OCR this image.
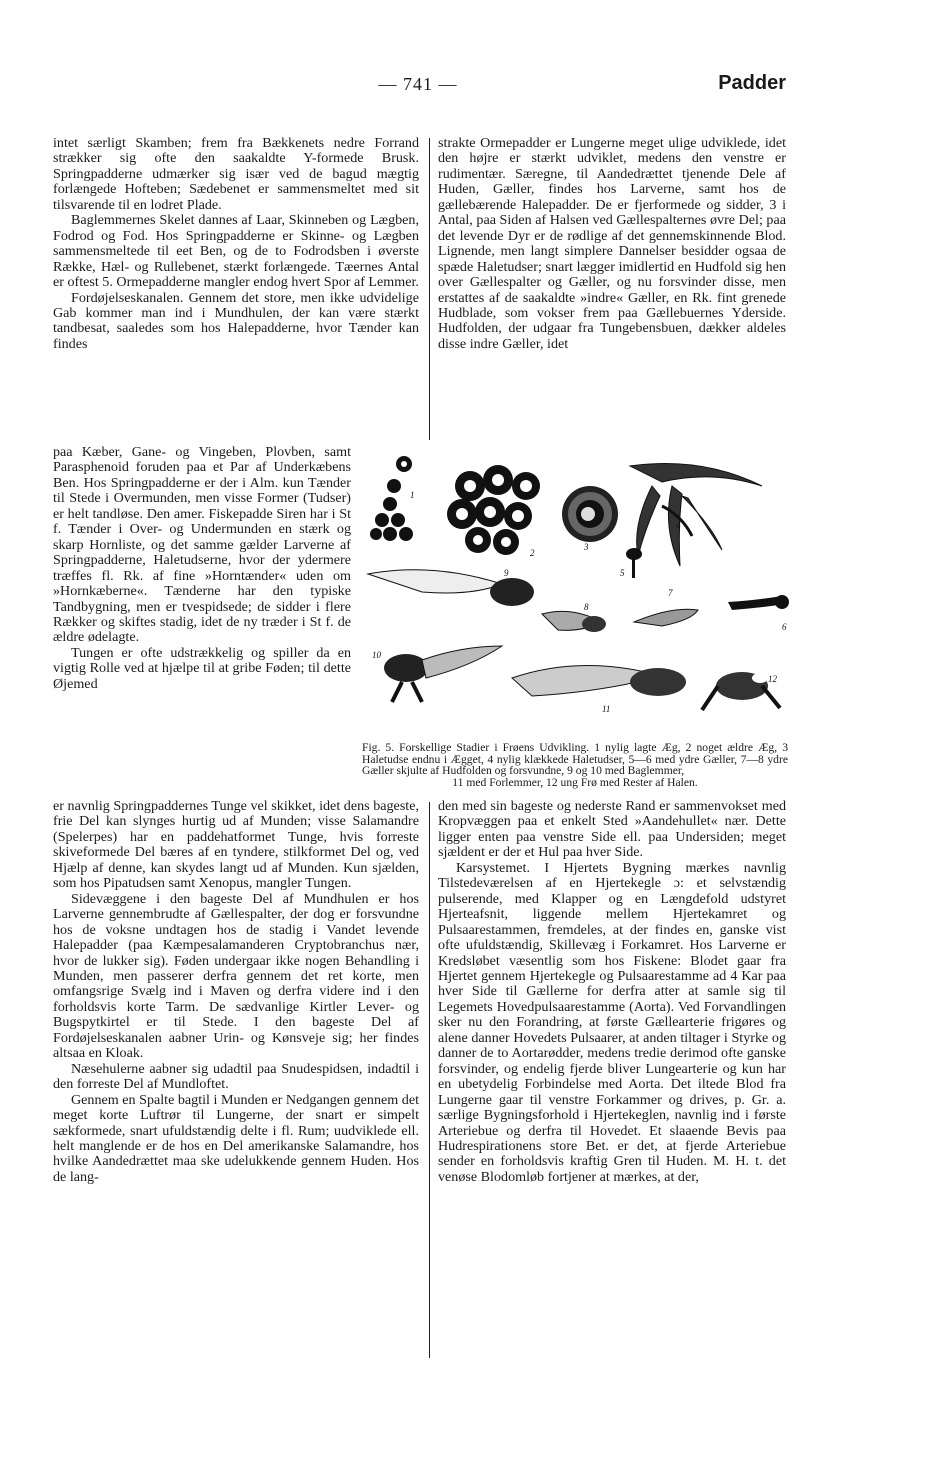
— 741 —	Padder

intet særligt Skamben; frem fra Bækkenets nedre Forrand strækker sig ofte den saakaldte Y-formede Brusk. Springpadderne udmærker sig især ved de bagud mægtig forlængede Hofteben; Sædebenet er sammensmeltet med sit tilsvarende til en lodret Plade.

Baglemmernes Skelet dannes af Laar, Skinneben og Lægben, Fodrod og Fod. Hos Springpadderne er Skinne- og Lægben sammensmeltede til eet Ben, og de to Fodrodsben i øverste Række, Hæl- og Rullebenet, stærkt forlængede. Tæernes Antal er oftest 5. Ormepadderne mangler endog hvert Spor af Lemmer.

Fordøjelseskanalen. Gennem det store, men ikke udvidelige Gab kommer man ind i Mundhulen, der kan være stærkt tandbesat, saaledes som hos Halepadderne, hvor Tænder kan findes

paa Kæber, Gane- og Vingeben, Plovben, samt Parasphenoid foruden paa et Par af Underkæbens Ben. Hos Springpadderne er der i Alm. kun Tænder til Stede i Overmunden, men visse Former (Tudser) er helt tandløse. Den amer. Fiskepadde Siren har i St f. Tænder i Over- og Undermunden en stærk og skarp Hornliste, og det samme gælder Larverne af Springpadderne, Haletudserne, hvor der ydermere træffes fl. Rk. af fine »Horntænder« uden om »Hornkæberne«. Tænderne har den typiske Tandbygning, men er tvespidsede; de sidder i flere Rækker og skiftes stadig, idet de ny træder i St f. de ældre ødelagte.

Tungen er ofte udstrækkelig og spiller da en vigtig Rolle ved at hjælpe til at gribe Føden; til dette Øjemed

er navnlig Springpaddernes Tunge vel skikket, idet dens bageste, frie Del kan slynges hurtig ud af Munden; visse Salamandre (Spelerpes) har en paddehatformet Tunge, hvis forreste skiveformede Del bæres af en tyndere, stilkformet Del og, ved Hjælp af denne, kan skydes langt ud af Munden. Kun sjælden, som hos Pipatudsen samt Xenopus, mangler Tungen.

Sidevæggene i den bageste Del af Mundhulen er hos Larverne gennembrudte af Gællespalter, der dog er forsvundne hos de voksne undtagen hos de stadig i Vandet levende Halepadder (paa Kæmpesalamanderen Cryptobranchus nær, hvor de lukker sig). Føden undergaar ikke nogen Behandling i Munden, men passerer derfra gennem det ret korte, men omfangsrige Svælg ind i Maven og derfra videre ind i den forholdsvis korte Tarm. De sædvanlige Kirtler Lever- og Bugspytkirtel er til Stede. I den bageste Del af Fordøjelseskanalen aabner Urin- og Kønsveje sig; her findes altsaa en Kloak.

Næsehulerne aabner sig udadtil paa Snudespidsen, indadtil i den forreste Del af Mundloftet.

Gennem en Spalte bagtil i Munden er Nedgangen gennem det meget korte Luftrør til Lungerne, der snart er simpelt sækformede, snart ufuldstændig delte i fl. Rum; uudviklede ell. helt manglende er de hos en Del amerikanske Salamandre, hos hvilke Aandedrættet maa ske udelukkende gennem Huden. Hos de lang-

strakte Ormepadder er Lungerne meget ulige udviklede, idet den højre er stærkt udviklet, medens den venstre er rudimentær. Særegne, til Aandedrættet tjenende Dele af Huden, Gæller, findes hos Larverne, samt hos de gællebærende Halepadder. De er fjerformede og sidder, 3 i Antal, paa Siden af Halsen ved Gællespalternes øvre Del; paa det levende Dyr er de rødlige af det gennemskinnende Blod. Lignende, men langt simplere Dannelser besidder ogsaa de spæde Haletudser; snart lægger imidlertid en Hudfold sig hen over Gællespalter og Gæller, og nu forsvinder disse, men erstattes af de saakaldte »indre« Gæller, en Rk. fint grenede Hudblade, som vokser frem paa Gællebuernes Yderside. Hudfolden, der udgaar fra Tungebensbuen, dækker aldeles disse indre Gæller, idet

1
2
3
4
5
6
7
8
9
10
11
12
Fig. 5. Forskellige Stadier i Frøens Udvikling. 1 nylig lagte Æg, 2 noget ældre Æg, 3 Haletudse endnu i Ægget, 4 nylig klækkede Haletudser, 5—6 med ydre Gæller, 7—8 ydre Gæller skjulte af Hudfolden og forsvundne, 9 og 10 med Baglemmer,
11 med Forlemmer, 12 ung Frø med Rester af Halen.

den med sin bageste og nederste Rand er sammenvokset med Kropvæggen paa et enkelt Sted »Aandehullet« nær. Dette ligger enten paa venstre Side ell. paa Undersiden; meget sjældent er der et Hul paa hver Side.

Karsystemet. I Hjertets Bygning mærkes navnlig Tilstedeværelsen af en Hjertekegle ɔ: et selvstændig pulserende, med Klapper og en Længdefold udstyret Hjerteafsnit, liggende mellem Hjertekamret og Pulsaarestammen, fremdeles, at der findes en, ganske vist ofte ufuldstændig, Skillevæg i Forkamret. Hos Larverne er Kredsløbet væsentlig som hos Fiskene: Blodet gaar fra Hjertet gennem Hjertekegle og Pulsaarestamme ad 4 Kar paa hver Side til Gællerne for derfra atter at samle sig til Legemets Hovedpulsaarestamme (Aorta). Ved Forvandlingen sker nu den Forandring, at første Gællearterie frigøres og alene danner Hovedets Pulsaarer, at anden tiltager i Styrke og danner de to Aortarødder, medens tredie derimod ofte ganske forsvinder, og endelig fjerde bliver Lungearterie og kun har en ubetydelig Forbindelse med Aorta. Det iltede Blod fra Lungerne gaar til venstre Forkammer og drives, p. Gr. a. særlige Bygningsforhold i Hjertekeglen, navnlig ind i første Arteriebue og derfra til Hovedet. Et slaaende Bevis paa Hudrespirationens store Bet. er det, at fjerde Arteriebue sender en forholdsvis kraftig Gren til Huden. M. H. t. det venøse Blodomløb fortjener at mærkes, at der,
